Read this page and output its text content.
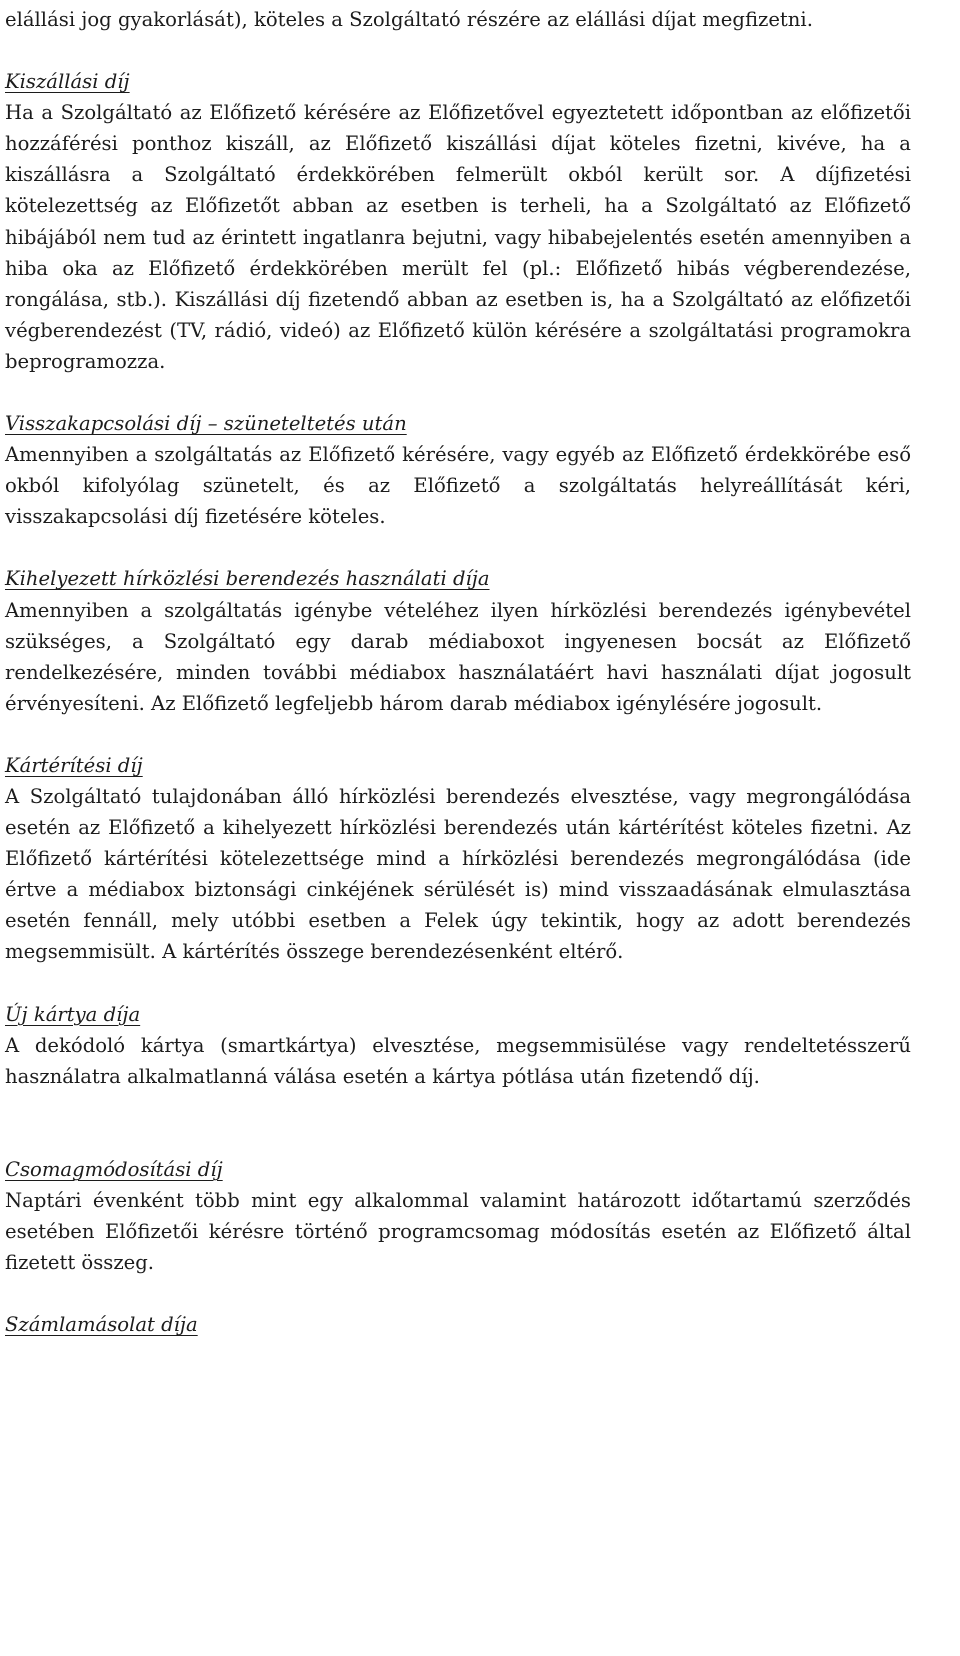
elállási jog gyakorlását), köteles a Szolgáltató részére az elállási díjat megfizetni.

Kiszállási díj

Ha a Szolgáltató az Előfizető kérésére az Előfizetővel egyeztetett időpontban az előfizetői hozzáférési ponthoz kiszáll, az Előfizető kiszállási díjat köteles fizetni, kivéve, ha a kiszállásra a Szolgáltató érdekkörében felmerült okból került sor. A díjfizetési kötelezettség az Előfizetőt abban az esetben is terheli, ha a Szolgáltató az Előfizető hibájából nem tud az érintett ingatlanra bejutni, vagy hibabejelentés esetén amennyiben a hiba oka az Előfizető érdekkörében merült fel (pl.: Előfizető hibás végberendezése, rongálása, stb.). Kiszállási díj fizetendő abban az esetben is, ha a Szolgáltató az előfizetői végberendezést (TV, rádió, videó) az Előfizető külön kérésére a szolgáltatási programokra beprogramozza.

Visszakapcsolási díj – szüneteltetés után

Amennyiben a szolgáltatás az Előfizető kérésére, vagy egyéb az Előfizető érdekkörébe eső okból kifolyólag szünetelt, és az Előfizető a szolgáltatás helyreállítását kéri, visszakapcsolási díj fizetésére köteles.

Kihelyezett hírközlési berendezés használati díja

Amennyiben a szolgáltatás igénybe vételéhez ilyen hírközlési berendezés igénybevétel szükséges, a Szolgáltató egy darab médiaboxot ingyenesen bocsát az Előfizető rendelkezésére, minden további médiabox használatáért havi használati díjat jogosult érvényesíteni. Az Előfizető legfeljebb három darab médiabox igénylésére jogosult.

Kártérítési díj

A Szolgáltató tulajdonában álló hírközlési berendezés elvesztése, vagy megrongálódása esetén az Előfizető a kihelyezett hírközlési berendezés után kártérítést köteles fizetni. Az Előfizető kártérítési kötelezettsége mind a hírközlési berendezés megrongálódása (ide értve a médiabox biztonsági cinkéjének sérülését is) mind visszaadásának elmulasztása esetén fennáll, mely utóbbi esetben a Felek úgy tekintik, hogy az adott berendezés megsemmisült. A kártérítés összege berendezésenként eltérő.

Új kártya díja

A dekódoló kártya (smartkártya) elvesztése, megsemmisülése vagy rendeltetésszerű használatra alkalmatlanná válása esetén a kártya pótlása után fizetendő díj.

Csomagmódosítási díj

Naptári évenként több mint egy alkalommal valamint határozott időtartamú szerződés esetében Előfizetői kérésre történő programcsomag módosítás esetén az Előfizető által fizetett összeg.

Számlamásolat díja
